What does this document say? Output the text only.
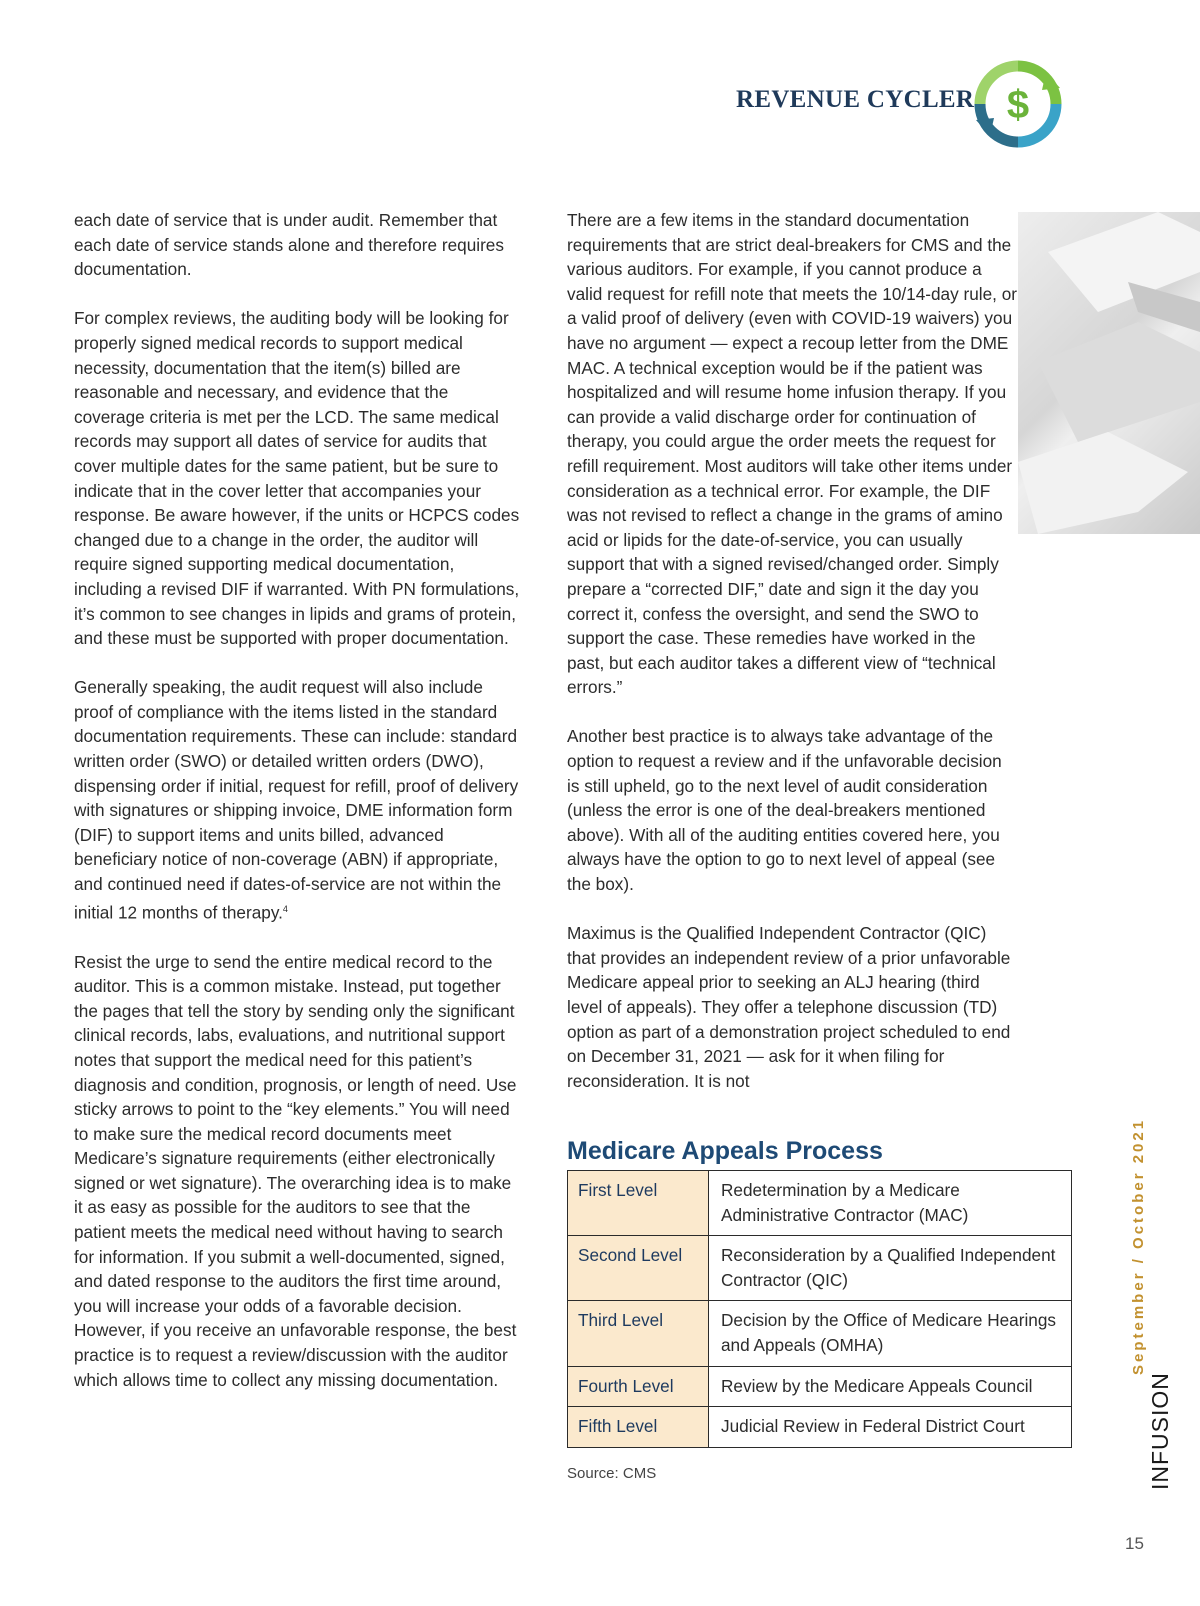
REVENUE CYCLER $

each date of service that is under audit. Remember that each date of service stands alone and therefore requires documentation.

For complex reviews, the auditing body will be looking for properly signed medical records to support medical necessity, documentation that the item(s) billed are reasonable and necessary, and evidence that the coverage criteria is met per the LCD. The same medical records may support all dates of service for audits that cover multiple dates for the same patient, but be sure to indicate that in the cover letter that accompanies your response. Be aware however, if the units or HCPCS codes changed due to a change in the order, the auditor will require signed supporting medical documentation, including a revised DIF if warranted. With PN formulations, it’s common to see changes in lipids and grams of protein, and these must be supported with proper documentation.

Generally speaking, the audit request will also include proof of compliance with the items listed in the standard documentation requirements. These can include: standard written order (SWO) or detailed written orders (DWO), dispensing order if initial, request for refill, proof of delivery with signatures or shipping invoice, DME information form (DIF) to support items and units billed, advanced beneficiary notice of non-coverage (ABN) if appropriate, and continued need if dates-of-service are not within the initial 12 months of therapy.$^4$

Resist the urge to send the entire medical record to the auditor. This is a common mistake. Instead, put together the pages that tell the story by sending only the significant clinical records, labs, evaluations, and nutritional support notes that support the medical need for this patient’s diagnosis and condition, prognosis, or length of need. Use sticky arrows to point to the “key elements.” You will need to make sure the medical record documents meet Medicare’s signature requirements (either electronically signed or wet signature). The overarching idea is to make it as easy as possible for the auditors to see that the patient meets the medical need without having to search for information. If you submit a well-documented, signed, and dated response to the auditors the first time around, you will increase your odds of a favorable decision. However, if you receive an unfavorable response, the best practice is to request a review/discussion with the auditor which allows time to collect any missing documentation.

There are a few items in the standard documentation requirements that are strict deal-breakers for CMS and the various auditors. For example, if you cannot produce a valid request for refill note that meets the 10/14-day rule, or a valid proof of delivery (even with COVID-19 waivers) you have no argument — expect a recoup letter from the DME MAC. A technical exception would be if the patient was hospitalized and will resume home infusion therapy. If you can provide a valid discharge order for continuation of therapy, you could argue the order meets the request for refill requirement. Most auditors will take other items under consideration as a technical error. For example, the DIF was not revised to reflect a change in the grams of amino acid or lipids for the date-of-service, you can usually support that with a signed revised/changed order. Simply prepare a “corrected DIF,” date and sign it the day you correct it, confess the oversight, and send the SWO to support the case. These remedies have worked in the past, but each auditor takes a different view of “technical errors.”

Another best practice is to always take advantage of the option to request a review and if the unfavorable decision is still upheld, go to the next level of audit consideration (unless the error is one of the deal-breakers mentioned above). With all of the auditing entities covered here, you always have the option to go to next level of appeal (see the box).

Maximus is the Qualified Independent Contractor (QIC) that provides an independent review of a prior unfavorable Medicare appeal prior to seeking an ALJ hearing (third level of appeals). They offer a telephone discussion (TD) option as part of a demonstration project scheduled to end on December 31, 2021 — ask for it when filing for reconsideration. It is not

Medicare Appeals Process
First Level	Redetermination by a Medicare Administrative Contractor (MAC)
Second Level	Reconsideration by a Qualified Independent Contractor (QIC)
Third Level	Decision by the Office of Medicare Hearings and Appeals (OMHA)
Fourth Level	Review by the Medicare Appeals Council
Fifth Level	Judicial Review in Federal District Court
Source: CMS
September / October 2021
INFUSION
15
